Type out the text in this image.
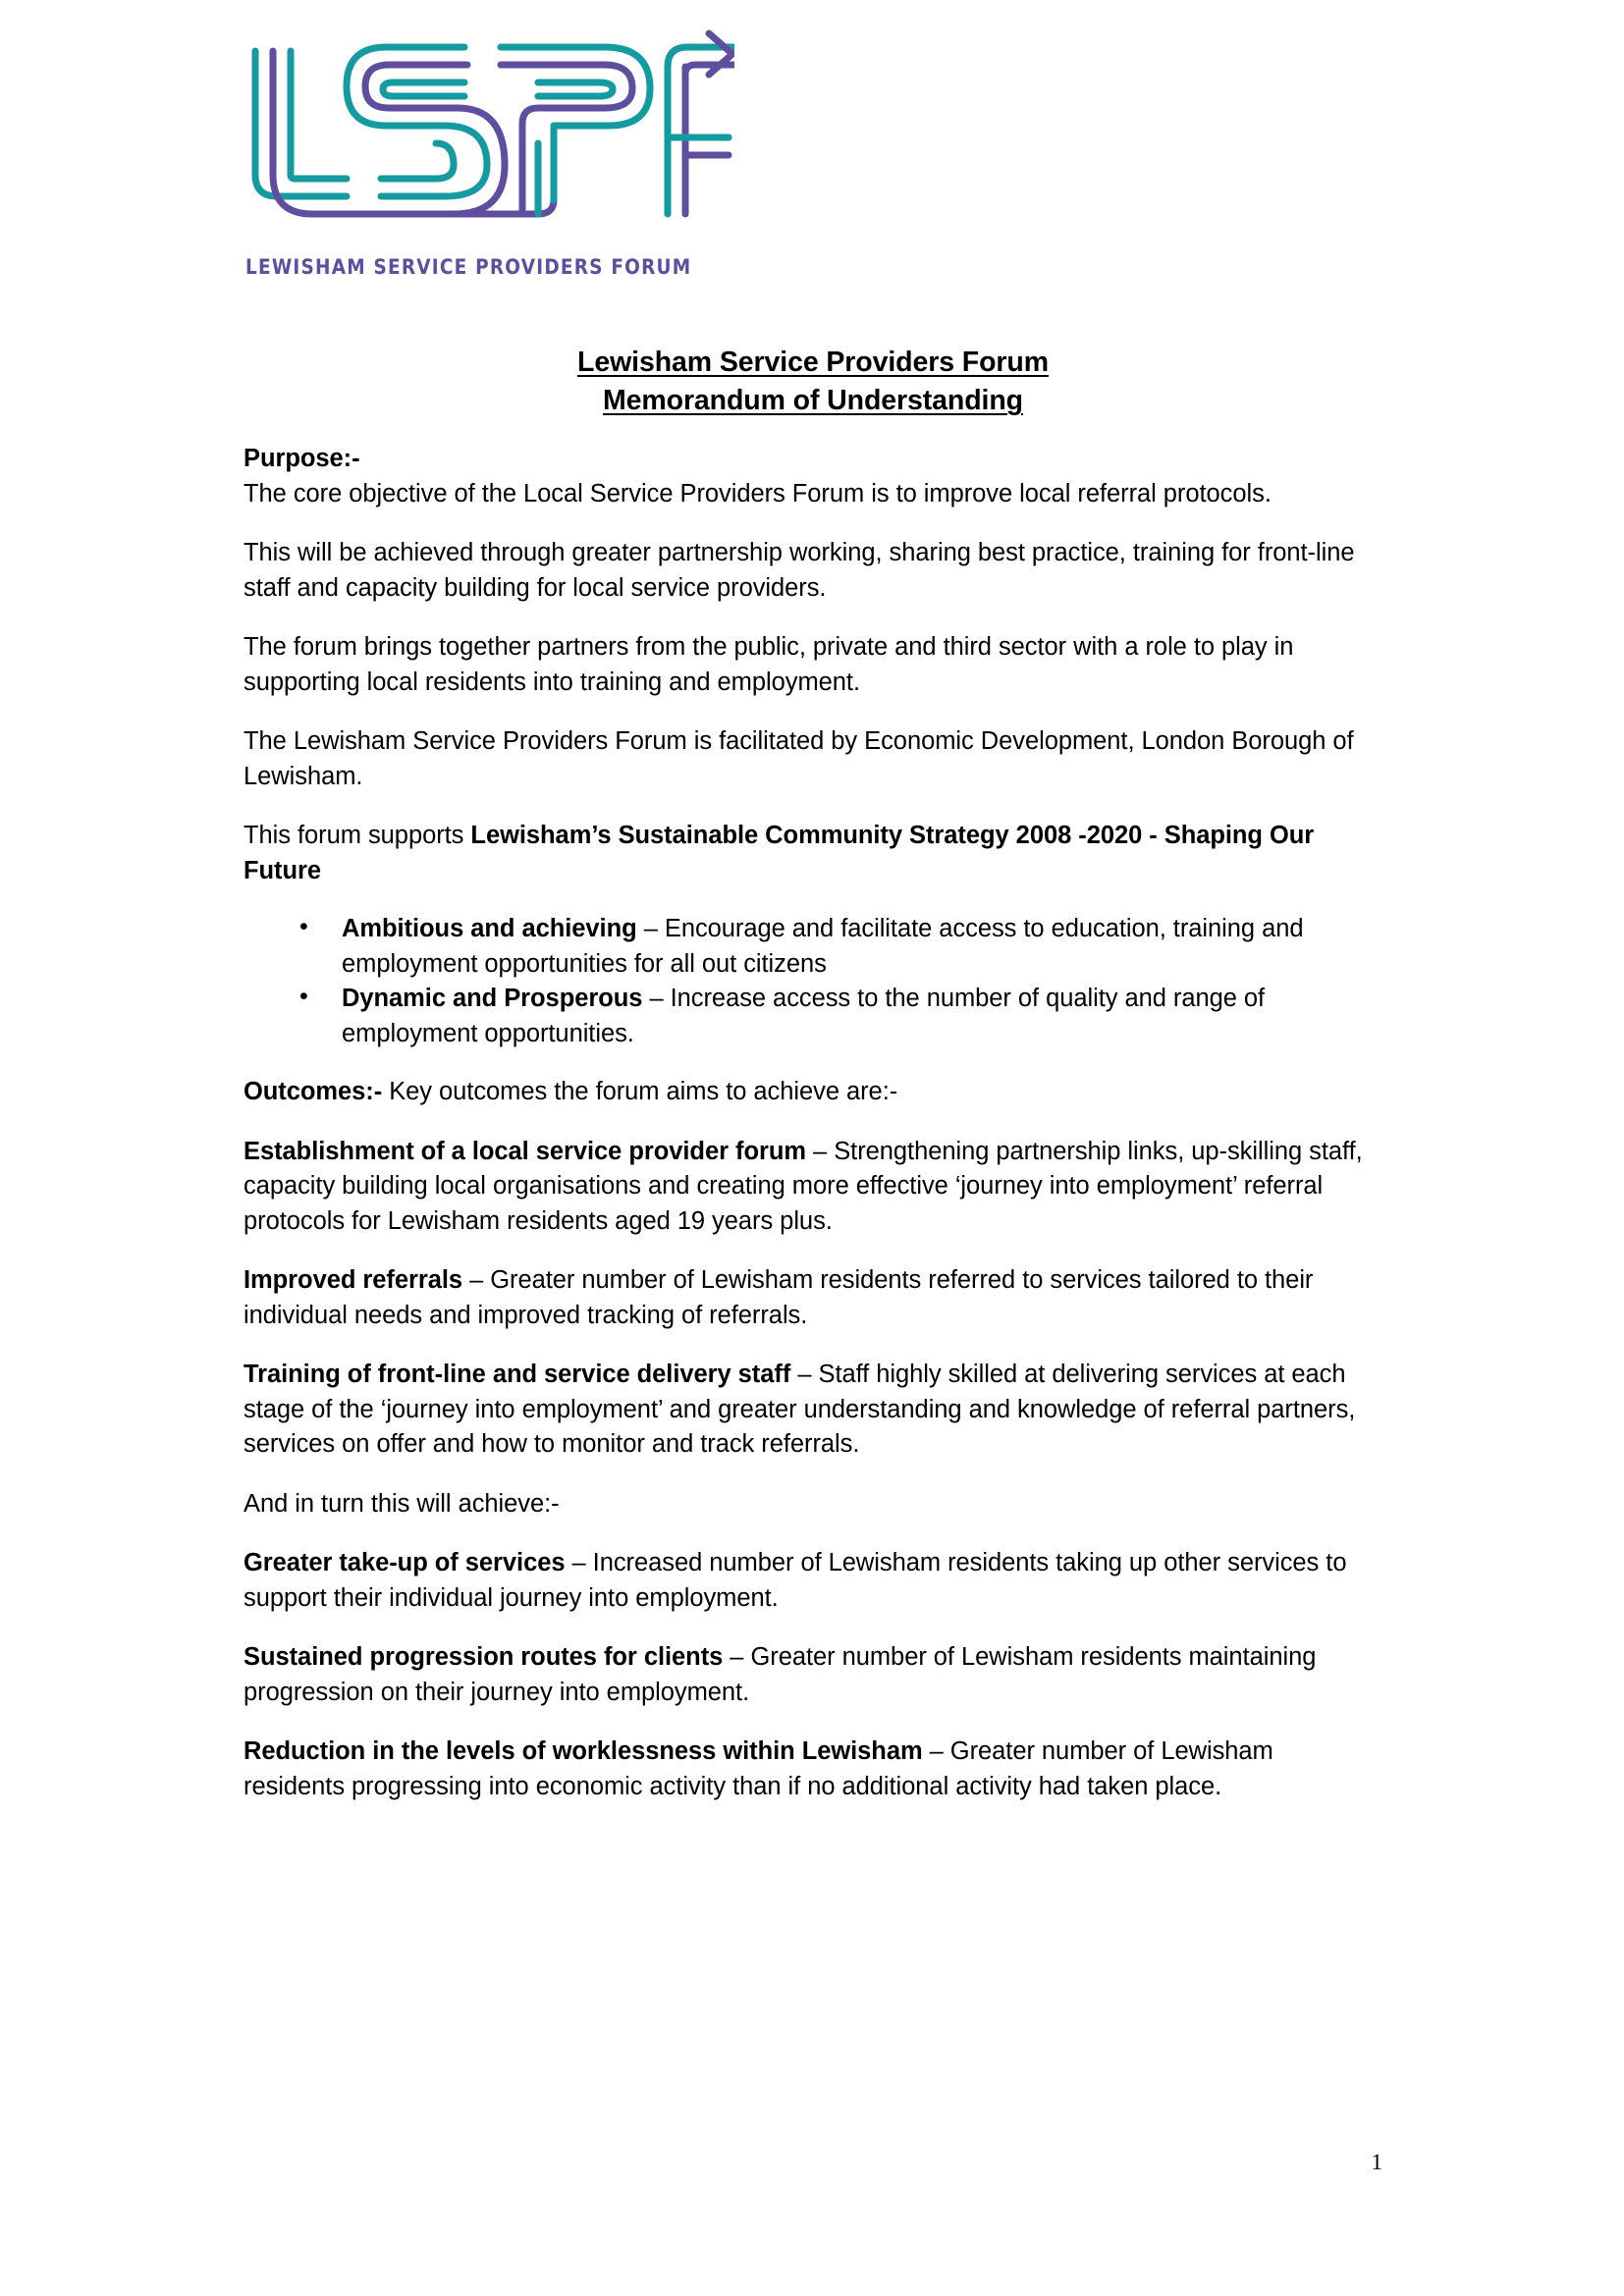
LEWISHAM SERVICE PROVIDERS FORUM
Lewisham Service Providers Forum
Memorandum of Understanding

Purpose:-
The core objective of the Local Service Providers Forum is to improve local referral protocols.

This will be achieved through greater partnership working, sharing best practice, training for front-line staff and capacity building for local service providers.

The forum brings together partners from the public, private and third sector with a role to play in supporting local residents into training and employment.

The Lewisham Service Providers Forum is facilitated by Economic Development, London Borough of Lewisham.

This forum supports Lewisham’s Sustainable Community Strategy 2008 -2020 - Shaping Our Future

• Ambitious and achieving – Encourage and facilitate access to education, training and employment opportunities for all out citizens
• Dynamic and Prosperous – Increase access to the number of quality and range of employment opportunities.

Outcomes:- Key outcomes the forum aims to achieve are:-

Establishment of a local service provider forum – Strengthening partnership links, up-skilling staff, capacity building local organisations and creating more effective ‘journey into employment’ referral protocols for Lewisham residents aged 19 years plus.

Improved referrals – Greater number of Lewisham residents referred to services tailored to their individual needs and improved tracking of referrals.

Training of front-line and service delivery staff – Staff highly skilled at delivering services at each stage of the ‘journey into employment’ and greater understanding and knowledge of referral partners, services on offer and how to monitor and track referrals.

And in turn this will achieve:-

Greater take-up of services – Increased number of Lewisham residents taking up other services to support their individual journey into employment.

Sustained progression routes for clients – Greater number of Lewisham residents maintaining progression on their journey into employment.

Reduction in the levels of worklessness within Lewisham – Greater number of Lewisham residents progressing into economic activity than if no additional activity had taken place.

1
